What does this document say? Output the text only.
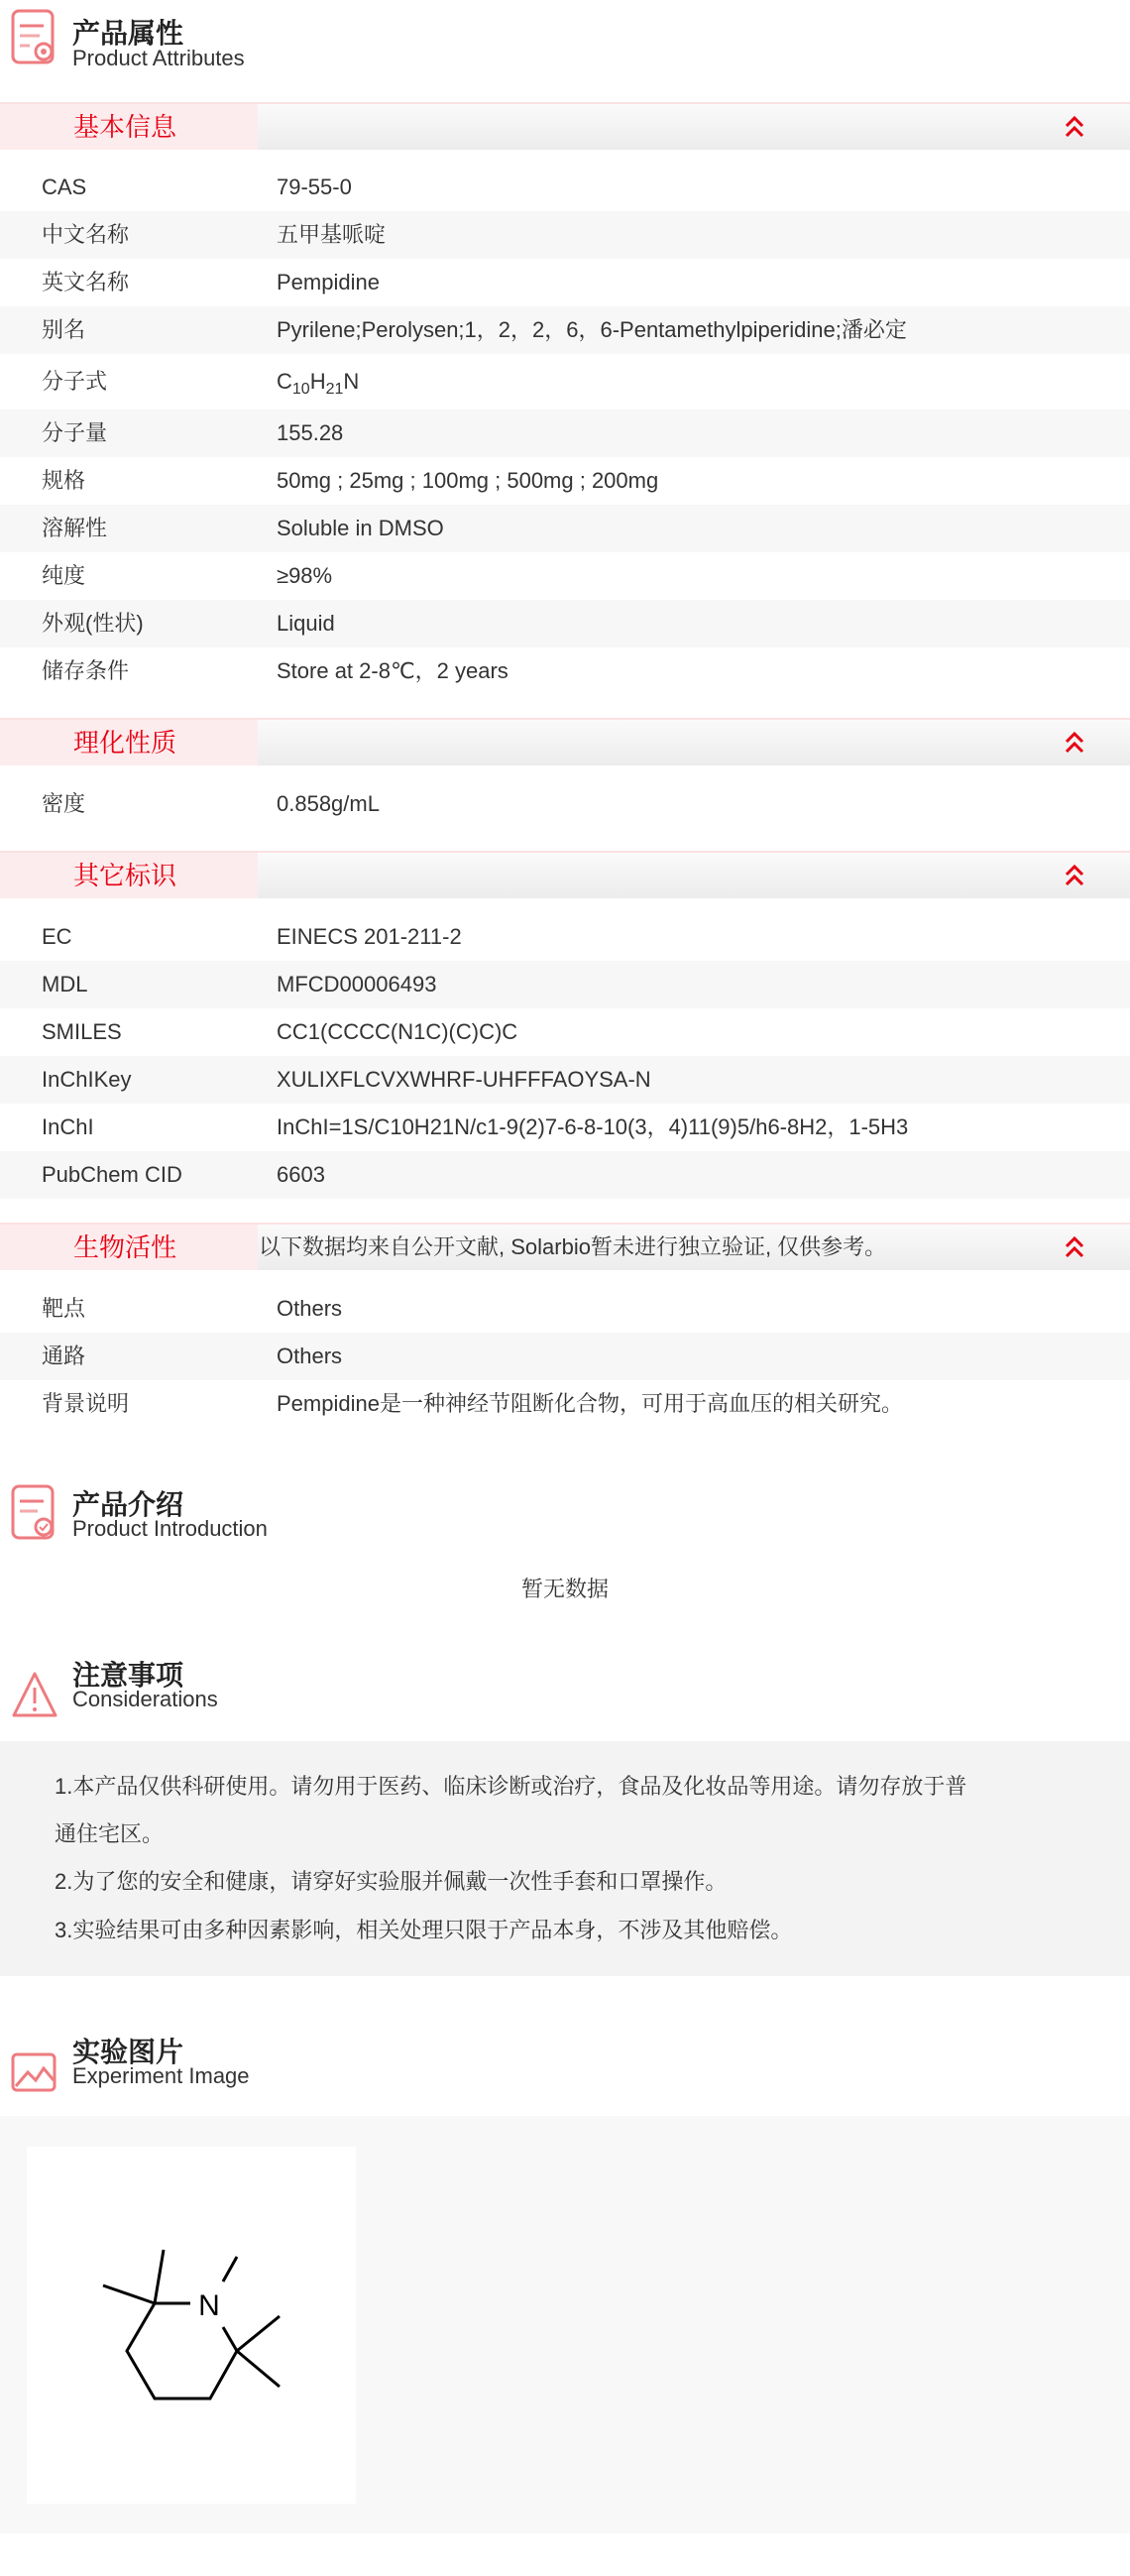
产品属性
Product Attributes
基本信息
CAS	79-55-0
中文名称	五甲基哌啶
英文名称	Pempidine
别名	Pyrilene;Perolysen;1，2，2，6，6-Pentamethylpiperidine;潘必定
分子式	$C_{10}H_{21}N$
分子量	155.28
规格	50mg ; 25mg ; 100mg ; 500mg ; 200mg
溶解性	Soluble in DMSO
纯度	≥98%
外观(性状)	Liquid
储存条件	Store at 2-8℃，2 years
理化性质
密度	0.858g/mL
其它标识
EC	EINECS 201-211-2
MDL	MFCD00006493
SMILES	CC1(CCCC(N1C)(C)C)C
InChIKey	XULIXFLCVXWHRF-UHFFFAOYSA-N
InChI	InChI=1S/C10H21N/c1-9(2)7-6-8-10(3，4)11(9)5/h6-8H2，1-5H3
PubChem CID	6603
生物活性	以下数据均来自公开文献, Solarbio暂未进行独立验证, 仅供参考。
靶点	Others
通路	Others
背景说明	Pempidine是一种神经节阻断化合物，可用于高血压的相关研究。
产品介绍
Product Introduction
暂无数据
注意事项
Considerations

1.本产品仅供科研使用。请勿用于医药、临床诊断或治疗，食品及化妆品等用途。请勿存放于普

通住宅区。

2.为了您的安全和健康，请穿好实验服并佩戴一次性手套和口罩操作。

3.实验结果可由多种因素影响，相关处理只限于产品本身，不涉及其他赔偿。

实验图片
Experiment Image
N
